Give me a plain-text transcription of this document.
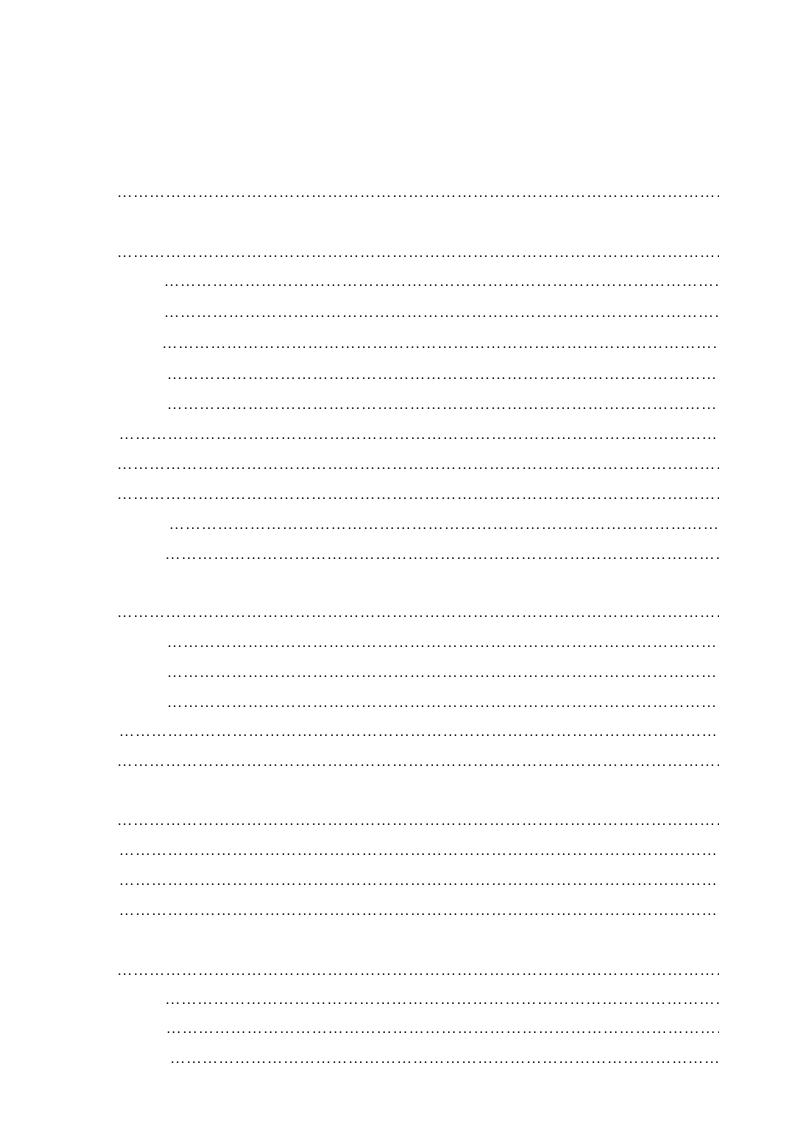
………………………………………………………………………………………………………………………………………………………………
………………………………………………………………………………………………………………………………………………………………
………………………………………………………………………………………………………………………………………………………………
………………………………………………………………………………………………………………………………………………………………
………………………………………………………………………………………………………………………………………………………………
………………………………………………………………………………………………………………………………………………………………
………………………………………………………………………………………………………………………………………………………………
………………………………………………………………………………………………………………………………………………………………
………………………………………………………………………………………………………………………………………………………………
………………………………………………………………………………………………………………………………………………………………
………………………………………………………………………………………………………………………………………………………………
………………………………………………………………………………………………………………………………………………………………
………………………………………………………………………………………………………………………………………………………………
………………………………………………………………………………………………………………………………………………………………
………………………………………………………………………………………………………………………………………………………………
………………………………………………………………………………………………………………………………………………………………
………………………………………………………………………………………………………………………………………………………………
………………………………………………………………………………………………………………………………………………………………
………………………………………………………………………………………………………………………………………………………………
………………………………………………………………………………………………………………………………………………………………
………………………………………………………………………………………………………………………………………………………………
………………………………………………………………………………………………………………………………………………………………
………………………………………………………………………………………………………………………………………………………………
………………………………………………………………………………………………………………………………………………………………
………………………………………………………………………………………………………………………………………………………………
………………………………………………………………………………………………………………………………………………………………
